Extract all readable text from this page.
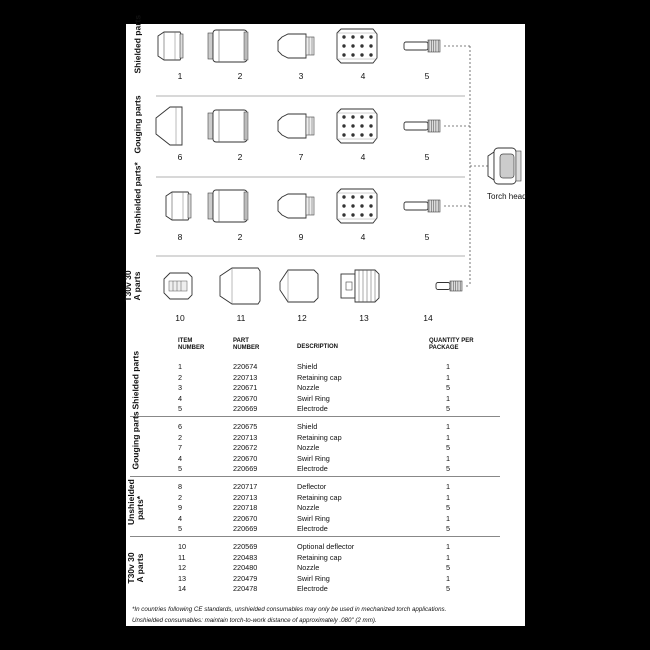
1	2	3	4	5
Shielded parts
6	2	7	4	5
Gouging parts
8	2	9	4	5
Unshielded parts*
10	11	12	13	14
T30v 30 A parts
Torch head
ITEM NUMBER
PART NUMBER	DESCRIPTION
QUANTITY PER PACKAGE
Shielded parts	1	220674	Shield	1
2	220713	Retaining cap	1
3	220671	Nozzle	5
4	220670	Swirl Ring	1
5	220669	Electrode	5
Gouging parts	6	220675	Shield	1
2	220713	Retaining cap	1
7	220672	Nozzle	5
4	220670	Swirl Ring	1
5	220669	Electrode	5
Unshielded parts*
8	220717	Deflector	1
2	220713	Retaining cap	1
9	220718	Nozzle	5
4	220670	Swirl Ring	1
5	220669	Electrode	5
T30v 30 A parts
10	220569	Optional deflector	1
11	220483	Retaining cap	1
12	220480	Nozzle	5
13	220479	Swirl Ring	1
14	220478	Electrode	5
*In countries following CE standards, unshielded consumables may only be used in mechanized torch applications.
Unshielded consumables: maintain torch-to-work distance of approximately .080" (2 mm).
